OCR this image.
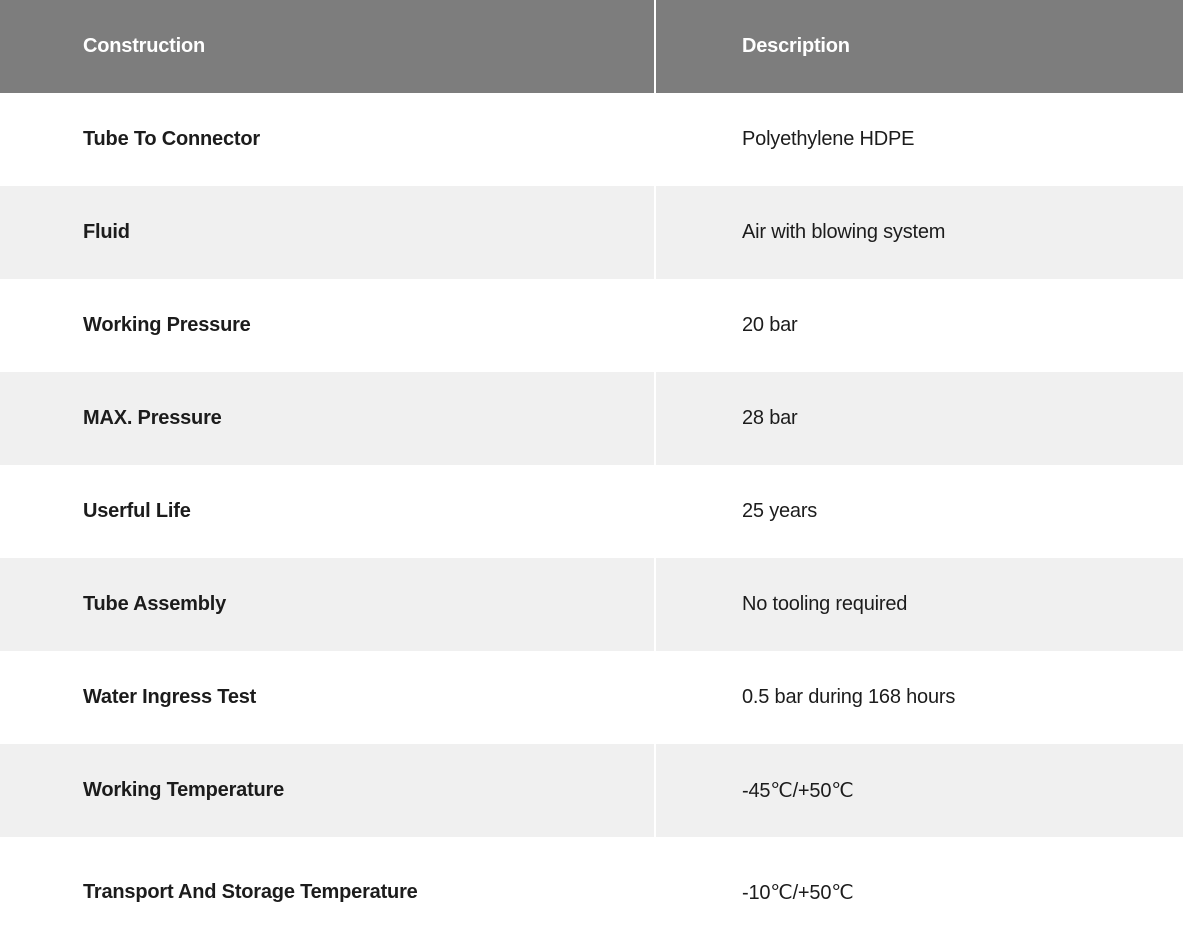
Construction	Description
Tube To Connector	Polyethylene HDPE
Fluid	Air with blowing system
Working Pressure	20 bar
MAX. Pressure	28 bar
Userful Life	25 years
Tube Assembly	No tooling required
Water Ingress Test	0.5 bar during 168 hours
Working Temperature	-45℃/+50℃
Transport And Storage Temperature	-10℃/+50℃
